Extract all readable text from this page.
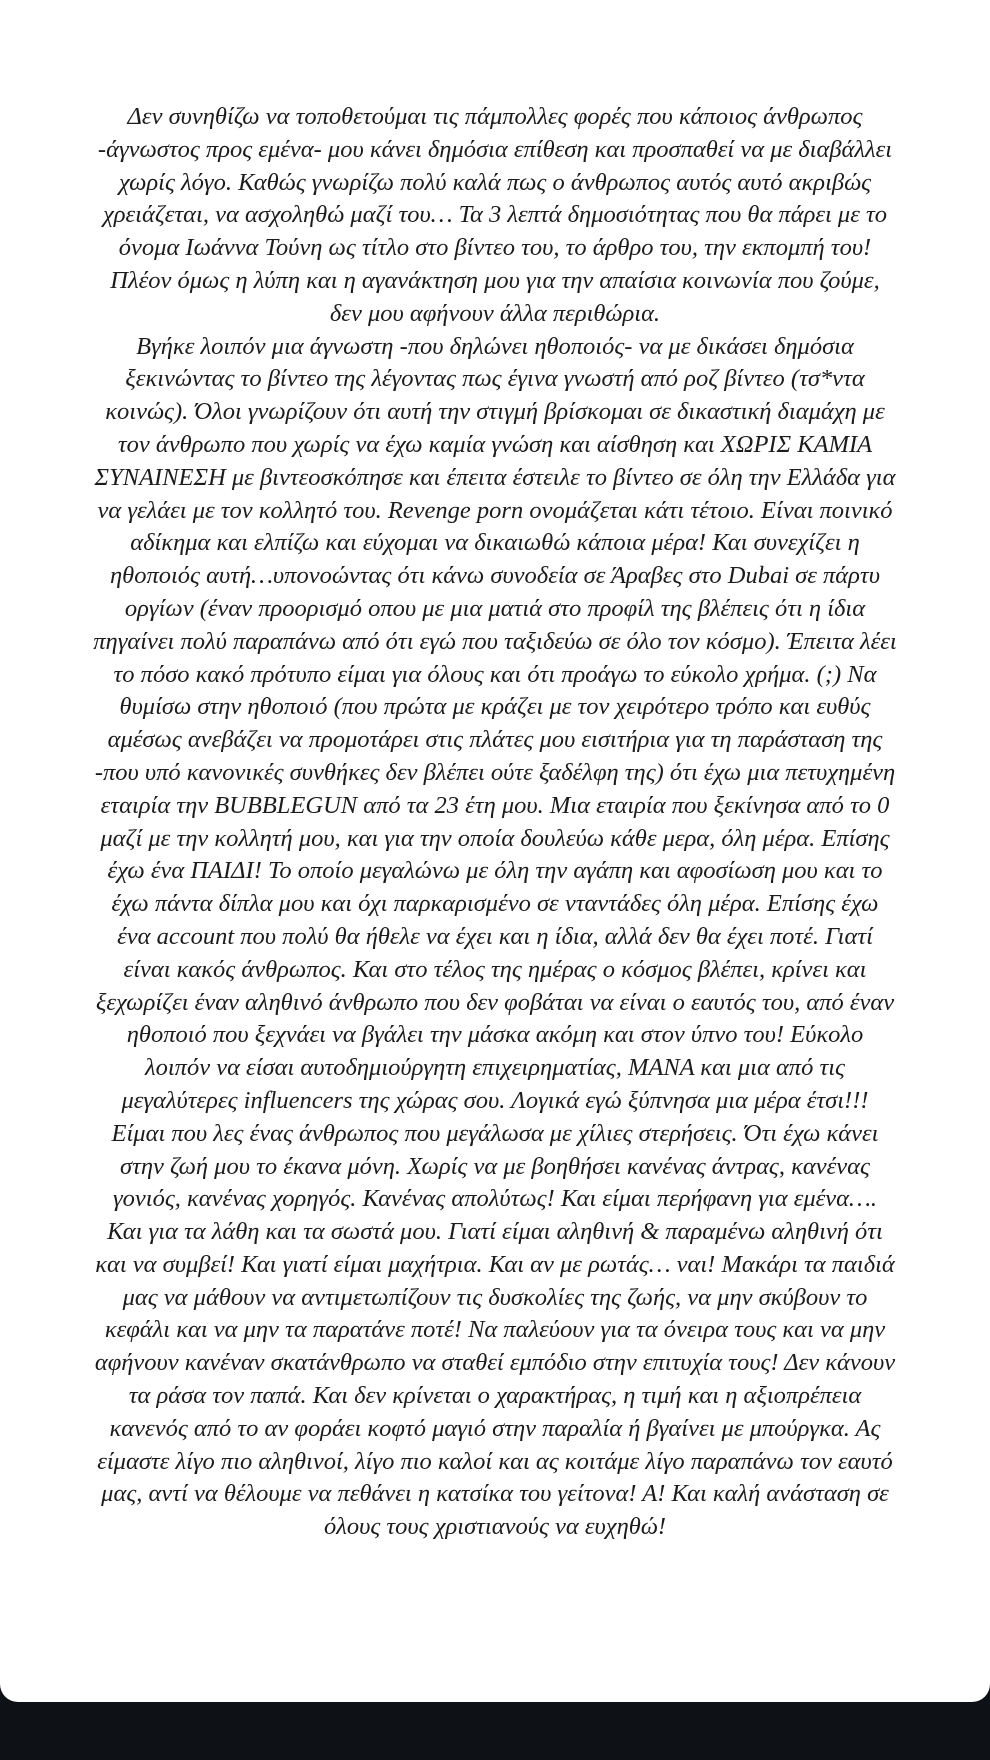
Δεν συνηθίζω να τοποθετούμαι τις πάμπολλες φορές που κάποιος άνθρωπος
-άγνωστος προς εμένα- μου κάνει δημόσια επίθεση και προσπαθεί να με διαβάλλει
χωρίς λόγο. Καθώς γνωρίζω πολύ καλά πως ο άνθρωπος αυτός αυτό ακριβώς
χρειάζεται, να ασχοληθώ μαζί του… Τα 3 λεπτά δημοσιότητας που θα πάρει με το
όνομα Ιωάννα Τούνη ως τίτλο στο βίντεο του, το άρθρο του, την εκπομπή του!
Πλέον όμως η λύπη και η αγανάκτηση μου για την απαίσια κοινωνία που ζούμε,
δεν μου αφήνουν άλλα περιθώρια.
Βγήκε λοιπόν μια άγνωστη -που δηλώνει ηθοποιός- να με δικάσει δημόσια
ξεκινώντας το βίντεο της λέγοντας πως έγινα γνωστή από ροζ βίντεο (τσ*ντα
κοινώς). Όλοι γνωρίζουν ότι αυτή την στιγμή βρίσκομαι σε δικαστική διαμάχη με
τον άνθρωπο που χωρίς να έχω καμία γνώση και αίσθηση και ΧΩΡΙΣ ΚΑΜΙΑ
ΣΥΝΑΙΝΕΣΗ με βιντεοσκόπησε και έπειτα έστειλε το βίντεο σε όλη την Ελλάδα για
να γελάει με τον κολλητό του. Revenge porn ονομάζεται κάτι τέτοιο. Είναι ποινικό
αδίκημα και ελπίζω και εύχομαι να δικαιωθώ κάποια μέρα! Και συνεχίζει η
ηθοποιός αυτή…υπονοώντας ότι κάνω συνοδεία σε Άραβες στο Dubai σε πάρτυ
οργίων (έναν προορισμό οπου με μια ματιά στο προφίλ της βλέπεις ότι η ίδια
πηγαίνει πολύ παραπάνω από ότι εγώ που ταξιδεύω σε όλο τον κόσμο). Έπειτα λέει
το πόσο κακό πρότυπο είμαι για όλους και ότι προάγω το εύκολο χρήμα. (;) Να
θυμίσω στην ηθοποιό (που πρώτα με κράζει με τον χειρότερο τρόπο και ευθύς
αμέσως ανεβάζει να προμοτάρει στις πλάτες μου εισιτήρια για τη παράσταση της
-που υπό κανονικές συνθήκες δεν βλέπει ούτε ξαδέλφη της) ότι έχω μια πετυχημένη
εταιρία την BUBBLEGUN από τα 23 έτη μου. Μια εταιρία που ξεκίνησα από το 0
μαζί με την κολλητή μου, και για την οποία δουλεύω κάθε μερα, όλη μέρα. Επίσης
έχω ένα ΠΑΙΔΙ! Το οποίο μεγαλώνω με όλη την αγάπη και αφοσίωση μου και το
έχω πάντα δίπλα μου και όχι παρκαρισμένο σε νταντάδες όλη μέρα. Επίσης έχω
ένα account που πολύ θα ήθελε να έχει και η ίδια, αλλά δεν θα έχει ποτέ. Γιατί
είναι κακός άνθρωπος. Και στο τέλος της ημέρας ο κόσμος βλέπει, κρίνει και
ξεχωρίζει έναν αληθινό άνθρωπο που δεν φοβάται να είναι ο εαυτός του, από έναν
ηθοποιό που ξεχνάει να βγάλει την μάσκα ακόμη και στον ύπνο του! Εύκολο
λοιπόν να είσαι αυτοδημιούργητη επιχειρηματίας, ΜΑΝΑ και μια από τις
μεγαλύτερες influencers της χώρας σου. Λογικά εγώ ξύπνησα μια μέρα έτσι!!!
Είμαι που λες ένας άνθρωπος που μεγάλωσα με χίλιες στερήσεις. Ότι έχω κάνει
στην ζωή μου το έκανα μόνη. Χωρίς να με βοηθήσει κανένας άντρας, κανένας
γονιός, κανένας χορηγός. Κανένας απολύτως! Και είμαι περήφανη για εμένα….
Και για τα λάθη και τα σωστά μου. Γιατί είμαι αληθινή & παραμένω αληθινή ότι
και να συμβεί! Και γιατί είμαι μαχήτρια. Και αν με ρωτάς… ναι! Μακάρι τα παιδιά
μας να μάθουν να αντιμετωπίζουν τις δυσκολίες της ζωής, να μην σκύβουν το
κεφάλι και να μην τα παρατάνε ποτέ! Να παλεύουν για τα όνειρα τους και να μην
αφήνουν κανέναν σκατάνθρωπο να σταθεί εμπόδιο στην επιτυχία τους! Δεν κάνουν
τα ράσα τον παπά. Και δεν κρίνεται ο χαρακτήρας, η τιμή και η αξιοπρέπεια
κανενός από το αν φοράει κοφτό μαγιό στην παραλία ή βγαίνει με μπούργκα. Ας
είμαστε λίγο πιο αληθινοί, λίγο πιο καλοί και ας κοιτάμε λίγο παραπάνω τον εαυτό
μας, αντί να θέλουμε να πεθάνει η κατσίκα του γείτονα! Α! Και καλή ανάσταση σε
όλους τους χριστιανούς να ευχηθώ!
